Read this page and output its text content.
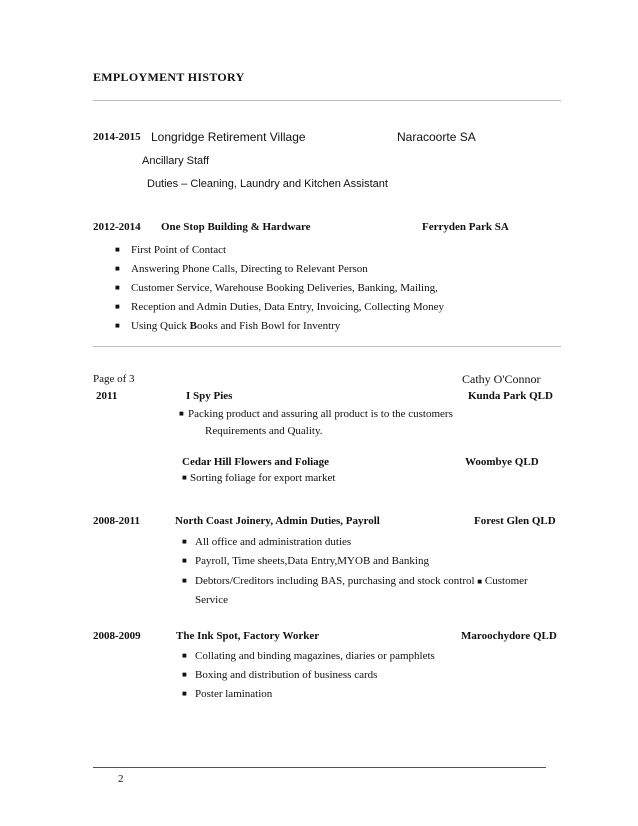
EMPLOYMENT HISTORY
2014-2015 Longridge Retirement Village	Naracoorte SA
Ancillary Staff
Duties – Cleaning, Laundry and Kitchen Assistant
2012-2014 One Stop Building & Hardware	Ferryden Park SA
■ First Point of Contact
■ Answering Phone Calls, Directing to Relevant Person
■ Customer Service, Warehouse Booking Deliveries, Banking, Mailing,
■ Reception and Admin Duties, Data Entry, Invoicing, Collecting Money
■ Using Quick Books and Fish Bowl for Inventry
Page of 3	Cathy O'Connor
2011	I Spy Pies	Kunda Park QLD
■ Packing product and assuring all product is to the customers
Requirements and Quality.
Cedar Hill Flowers and Foliage	Woombye QLD
■ Sorting foliage for export market
2008-2011	North Coast Joinery, Admin Duties, Payroll	Forest Glen QLD
■ All office and administration duties
■ Payroll, Time sheets,Data Entry,MYOB and Banking
■ Debtors/Creditors including BAS, purchasing and stock control ■ Customer
Service
2008-2009	The Ink Spot, Factory Worker	Maroochydore QLD
■ Collating and binding magazines, diaries or pamphlets
■ Boxing and distribution of business cards
■ Poster lamination
2
